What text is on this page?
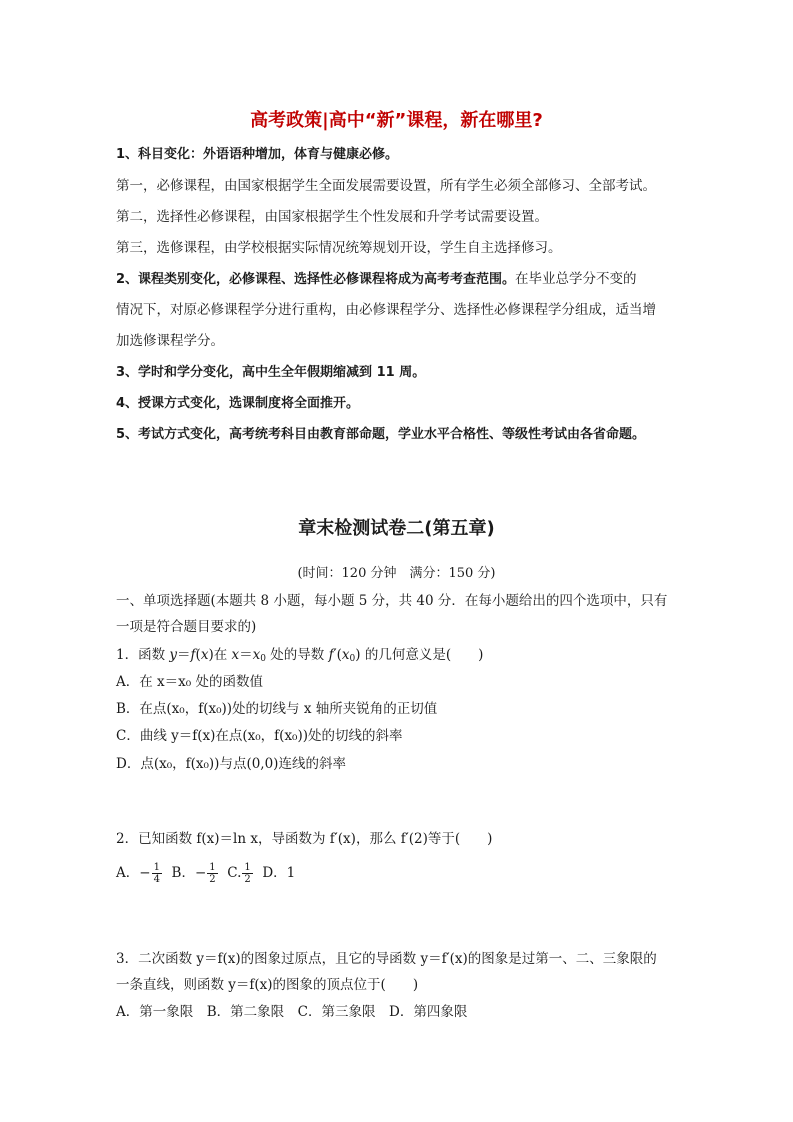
高考政策|高中“新”课程，新在哪里?
1、科目变化：外语语种增加，体育与健康必修。
第一，必修课程，由国家根据学生全面发展需要设置，所有学生必须全部修习、全部考试。
第二，选择性必修课程，由国家根据学生个性发展和升学考试需要设置。
第三，选修课程，由学校根据实际情况统筹规划开设，学生自主选择修习。
2、课程类别变化，必修课程、选择性必修课程将成为高考考查范围。在毕业总学分不变的
情况下，对原必修课程学分进行重构，由必修课程学分、选择性必修课程学分组成，适当增
加选修课程学分。
3、学时和学分变化，高中生全年假期缩减到 11 周。
4、授课方式变化，选课制度将全面推开。
5、考试方式变化，高考统考科目由教育部命题，学业水平合格性、等级性考试由各省命题。
章末检测试卷二(第五章)
(时间：120 分钟　满分：150 分)
一、单项选择题(本题共 8 小题，每小题 5 分，共 40 分．在每小题给出的四个选项中，只有
一项是符合题目要求的)
1．函数 y＝f(x)在 $x=x_0$ 处的导数 $f'(x_0)$ 的几何意义是(　　)
A．在 x＝x₀ 处的函数值
B．在点(x₀，f(x₀))处的切线与 x 轴所夹锐角的正切值
C．曲线 y＝f(x)在点(x₀，f(x₀))处的切线的斜率
D．点(x₀，f(x₀))与点(0,0)连线的斜率
2．已知函数 f(x)＝ln x，导函数为 f′(x)，那么 f′(2)等于(　　)
A．− $\frac{1}{4}$ B．− $\frac{1}{2} C$. $\frac{1}{2}$ D．1
3．二次函数 y＝f(x)的图象过原点，且它的导函数 y＝f′(x)的图象是过第一、二、三象限的
一条直线，则函数 y＝f(x)的图象的顶点位于(　　)
A．第一象限　B．第二象限　C．第三象限　D．第四象限
